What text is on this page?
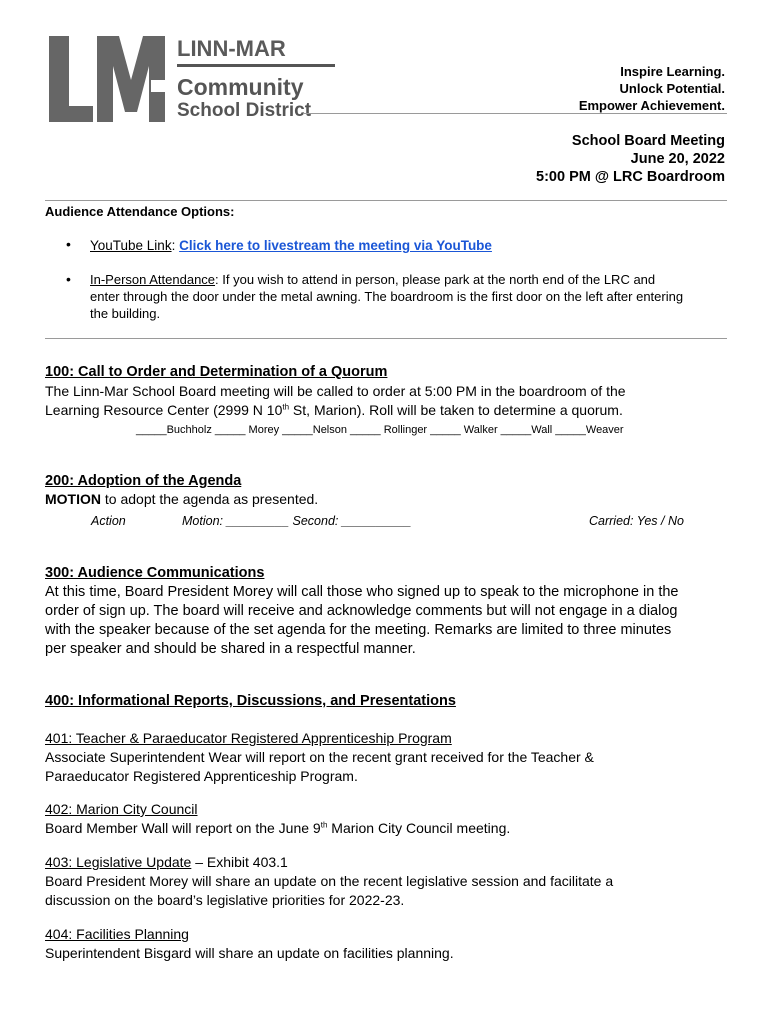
LINN-MAR
Community
School District
Inspire Learning.
Unlock Potential.
Empower Achievement.
School Board Meeting
June 20, 2022
5:00 PM @ LRC Boardroom
Audience Attendance Options:
• YouTube Link: Click here to livestream the meeting via YouTube
• In-Person Attendance: If you wish to attend in person, please park at the north end of the LRC and
enter through the door under the metal awning. The boardroom is the first door on the left after entering
the building.
100: Call to Order and Determination of a Quorum
The Linn-Mar School Board meeting will be called to order at 5:00 PM in the boardroom of the
Learning Resource Center (2999 N 10th St, Marion). Roll will be taken to determine a quorum.
_____Buchholz _____ Morey _____Nelson _____ Rollinger _____ Walker _____Wall _____Weaver
200: Adoption of the Agenda
MOTION to adopt the agenda as presented.
Action	Motion: _________ Second: __________	Carried: Yes / No
300: Audience Communications
At this time, Board President Morey will call those who signed up to speak to the microphone in the
order of sign up. The board will receive and acknowledge comments but will not engage in a dialog
with the speaker because of the set agenda for the meeting. Remarks are limited to three minutes
per speaker and should be shared in a respectful manner.
400: Informational Reports, Discussions, and Presentations
401: Teacher & Paraeducator Registered Apprenticeship Program
Associate Superintendent Wear will report on the recent grant received for the Teacher &
Paraeducator Registered Apprenticeship Program.
402: Marion City Council
Board Member Wall will report on the June 9th Marion City Council meeting.
403: Legislative Update – Exhibit 403.1
Board President Morey will share an update on the recent legislative session and facilitate a
discussion on the board’s legislative priorities for 2022-23.
404: Facilities Planning
Superintendent Bisgard will share an update on facilities planning.
